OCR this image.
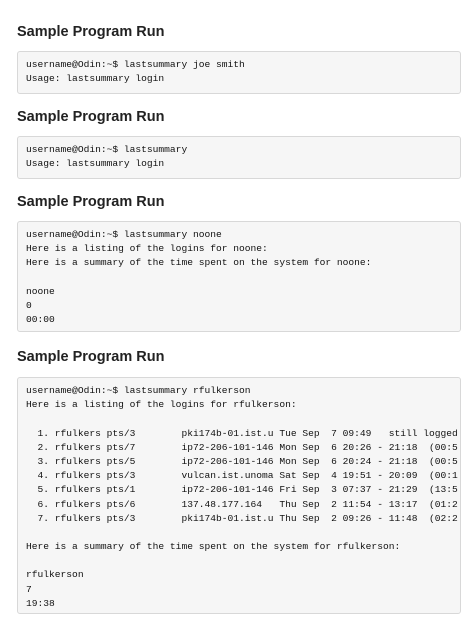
Sample Program Run
username@Odin:~$ lastsummary joe smith
Usage: lastsummary login
Sample Program Run
username@Odin:~$ lastsummary
Usage: lastsummary login
Sample Program Run
username@Odin:~$ lastsummary noone
Here is a listing of the logins for noone:
Here is a summary of the time spent on the system for noone:
noone
0
00:00
Sample Program Run
username@Odin:~$ lastsummary rfulkerson
Here is a listing of the logins for rfulkerson:
1. rfulkers pts/3        pki174b-01.ist.u Tue Sep  7 09:49   still logged
2. rfulkers pts/7        ip72-206-101-146 Mon Sep  6 20:26 - 21:18  (00:5
3. rfulkers pts/5        ip72-206-101-146 Mon Sep  6 20:24 - 21:18  (00:5
4. rfulkers pts/3        vulcan.ist.unoma Sat Sep  4 19:51 - 20:09  (00:1
5. rfulkers pts/1        ip72-206-101-146 Fri Sep  3 07:37 - 21:29  (13:5
6. rfulkers pts/6        137.48.177.164   Thu Sep  2 11:54 - 13:17  (01:2
7. rfulkers pts/3        pki174b-01.ist.u Thu Sep  2 09:26 - 11:48  (02:2
Here is a summary of the time spent on the system for rfulkerson:
rfulkerson
7
19:38
